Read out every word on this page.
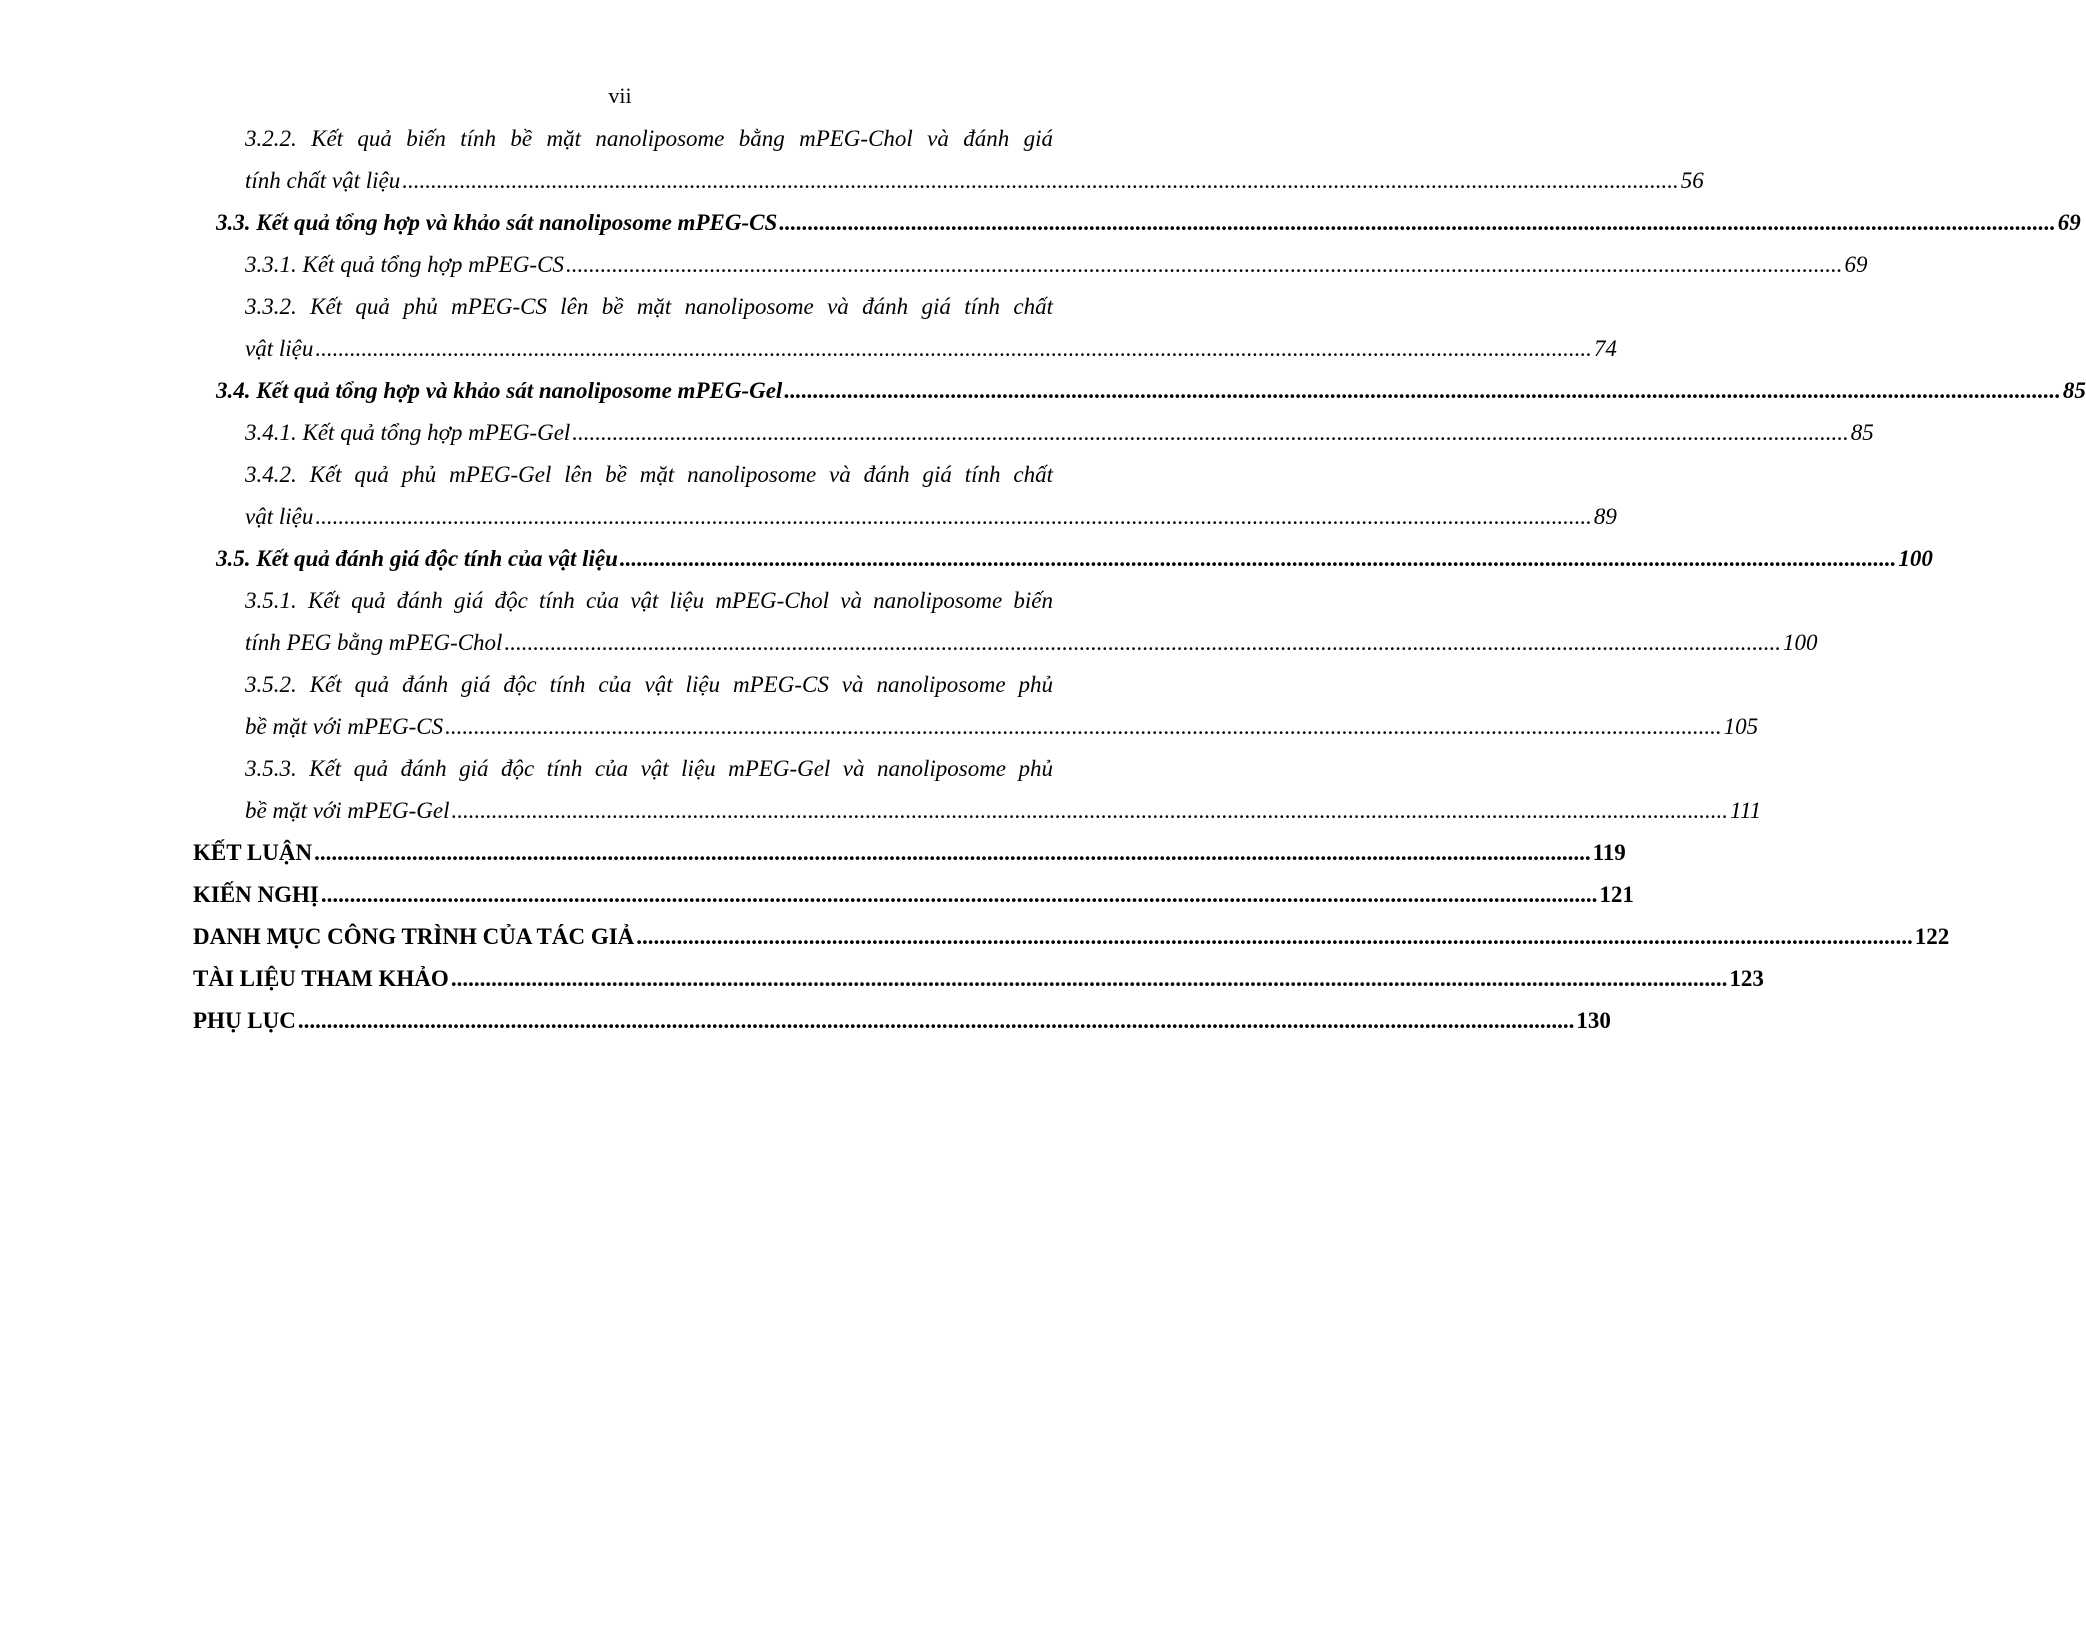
vii
3.2.2. Kết quả biến tính bề mặt nanoliposome bằng mPEG-Chol và đánh giá
tính chất vật liệu .............................................................................................................................................................................................................................. 56
3.3. Kết quả tổng hợp và khảo sát nanoliposome mPEG-CS .............................................................................................................................................................................................................................. 69
3.3.1. Kết quả tổng hợp mPEG-CS .............................................................................................................................................................................................................................. 69
3.3.2. Kết quả phủ mPEG-CS lên bề mặt nanoliposome và đánh giá tính chất
vật liệu .............................................................................................................................................................................................................................. 74
3.4. Kết quả tổng hợp và khảo sát nanoliposome mPEG-Gel .............................................................................................................................................................................................................................. 85
3.4.1. Kết quả tổng hợp mPEG-Gel .............................................................................................................................................................................................................................. 85
3.4.2. Kết quả phủ mPEG-Gel lên bề mặt nanoliposome và đánh giá tính chất
vật liệu .............................................................................................................................................................................................................................. 89
3.5. Kết quả đánh giá độc tính của vật liệu .............................................................................................................................................................................................................................. 100
3.5.1. Kết quả đánh giá độc tính của vật liệu mPEG-Chol và nanoliposome biến
tính PEG bằng mPEG-Chol .............................................................................................................................................................................................................................. 100
3.5.2. Kết quả đánh giá độc tính của vật liệu mPEG-CS và nanoliposome phủ
bề mặt với mPEG-CS .............................................................................................................................................................................................................................. 105
3.5.3. Kết quả đánh giá độc tính của vật liệu mPEG-Gel và nanoliposome phủ
bề mặt với mPEG-Gel .............................................................................................................................................................................................................................. 111
KẾT LUẬN .............................................................................................................................................................................................................................. 119
KIẾN NGHỊ .............................................................................................................................................................................................................................. 121
DANH MỤC CÔNG TRÌNH CỦA TÁC GIẢ .............................................................................................................................................................................................................................. 122
TÀI LIỆU THAM KHẢO .............................................................................................................................................................................................................................. 123
PHỤ LỤC .............................................................................................................................................................................................................................. 130
